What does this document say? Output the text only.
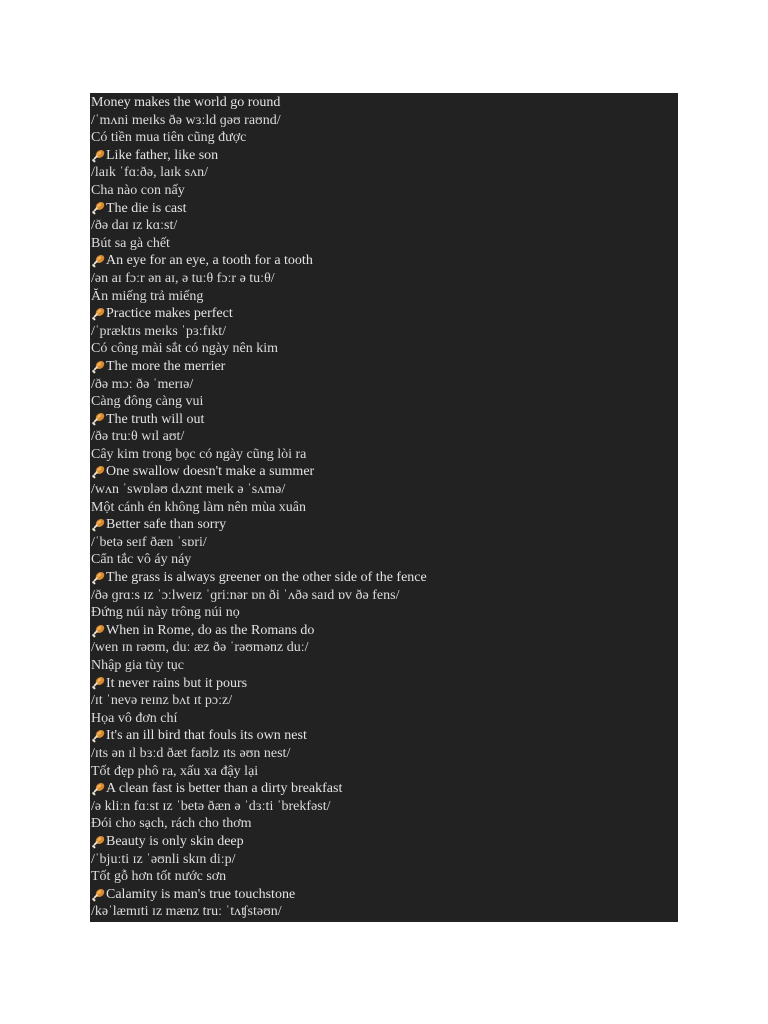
Money makes the world go round
/ˈmʌni meɪks ðə wɜːld ɡəʊ raʊnd/
Có tiền mua tiên cũng được
Like father, like son
/laɪk ˈfɑːðə, laɪk sʌn/
Cha nào con nấy
The die is cast
/ðə daɪ ɪz kɑːst/
Bút sa gà chết
An eye for an eye, a tooth for a tooth
/ən aɪ fɔːr ən aɪ, ə tuːθ fɔːr ə tuːθ/
Ăn miếng trả miếng
Practice makes perfect
/ˈpræktɪs meɪks ˈpɜːfɪkt/
Có công mài sắt có ngày nên kim
The more the merrier
/ðə mɔː ðə ˈmerɪə/
Càng đông càng vui
The truth will out
/ðə truːθ wɪl aʊt/
Cây kim trong bọc có ngày cũng lòi ra
One swallow doesn't make a summer
/wʌn ˈswɒləʊ dʌznt meɪk ə ˈsʌmə/
Một cánh én không làm nên mùa xuân
Better safe than sorry
/ˈbetə seɪf ðæn ˈsɒri/
Cẩn tắc vô áy náy
The grass is always greener on the other side of the fence
/ðə ɡrɑːs ɪz ˈɔːlweɪz ˈɡriːnər ɒn ði ˈʌðə saɪd ɒv ðə fens/
Đứng núi này trông núi nọ
When in Rome, do as the Romans do
/wen ɪn rəʊm, duː æz ðə ˈrəʊmənz duː/
Nhập gia tùy tục
It never rains but it pours
/ɪt ˈnevə reɪnz bʌt ɪt pɔːz/
Họa vô đơn chí
It's an ill bird that fouls its own nest
/ɪts ən ɪl bɜːd ðæt faʊlz ɪts əʊn nest/
Tốt đẹp phô ra, xấu xa đậy lại
A clean fast is better than a dirty breakfast
/ə kliːn fɑːst ɪz ˈbetə ðæn ə ˈdɜːti ˈbrekfəst/
Đói cho sạch, rách cho thơm
Beauty is only skin deep
/ˈbjuːti ɪz ˈəʊnli skɪn diːp/
Tốt gỗ hơn tốt nước sơn
Calamity is man's true touchstone
/kəˈlæmɪti ɪz mænz truː ˈtʌʧstəʊn/
